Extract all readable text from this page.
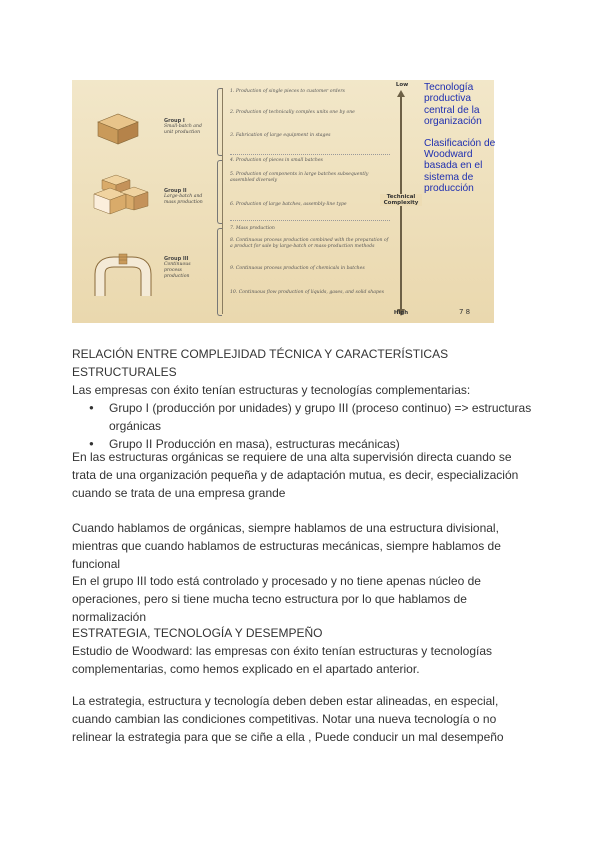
Group I
Small-batch and unit production
Group II
Large-batch and mass production
Group III
Continuous process production
1. Production of single pieces to customer orders
2. Production of technically complex units one by one
3. Fabrication of large equipment in stages
4. Production of pieces in small batches
5. Production of components in large batches subsequently assembled diversely
6. Production of large batches, assembly-line type
7. Mass production
8. Continuous process production combined with the preparation of a product for sale by large-batch or mass-production methods
9. Continuous process production of chemicals in batches
10. Continuous flow production of liquids, gases, and solid shapes
Low
Technical Complexity
High
Tecnología productiva central de la organización
Clasificación de Woodward basada en el sistema de producción
7 8

RELACIÓN ENTRE COMPLEJIDAD TÉCNICA Y CARACTERÍSTICAS ESTRUCTURALES

Las empresas con éxito tenían estructuras y tecnologías complementarias:

● Grupo I (producción por unidades) y grupo III (proceso continuo) => estructuras orgánicas
● Grupo II Producción en masa), estructuras mecánicas)
En las estructuras orgánicas se requiere de una alta supervisión directa cuando se trata de una organización pequeña y de adaptación mutua, es decir, especialización cuando se trata de una empresa grande
Cuando hablamos de orgánicas, siempre hablamos de una estructura divisional, mientras que cuando hablamos de estructuras mecánicas, siempre hablamos de funcional
En el grupo III todo está controlado y procesado y no tiene apenas núcleo de operaciones, pero si tiene mucha tecno estructura por lo que hablamos de normalización

ESTRATEGIA, TECNOLOGÍA Y DESEMPEÑO

Estudio de Woodward: las empresas con éxito tenían estructuras y tecnologías complementarias, como hemos explicado en el apartado anterior.

La estrategia, estructura y tecnología deben deben estar alineadas, en especial, cuando cambian las condiciones competitivas. Notar una nueva tecnología o no relinear la estrategia para que se ciñe a ella , Puede conducir un mal desempeño
